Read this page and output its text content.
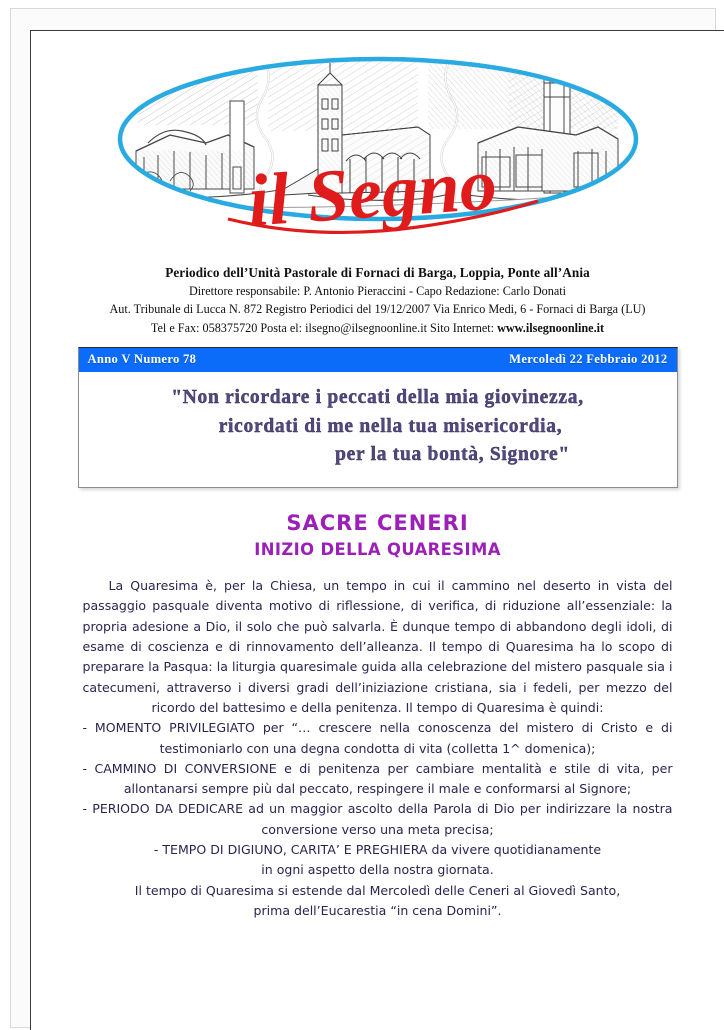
il Segno
Periodico dell’Unità Pastorale di Fornaci di Barga, Loppia, Ponte all’Ania
Direttore responsabile: P. Antonio Pieraccini - Capo Redazione: Carlo Donati
Aut. Tribunale di Lucca N. 872 Registro Periodici del 19/12/2007 Via Enrico Medi, 6 - Fornaci di Barga (LU)
Tel e Fax: 058375720 Posta el: ilsegno@ilsegnoonline.it Sito Internet: www.ilsegnoonline.it
Anno V Numero 78	Mercoledì 22 Febbraio 2012
"Non ricordare i peccati della mia giovinezza,
ricordati di me nella tua misericordia,
per la tua bontà, Signore"
SACRE CENERI
INIZIO DELLA QUARESIMA

La Quaresima è, per la Chiesa, un tempo in cui il cammino nel deserto in vista del passaggio pasquale diventa motivo di riflessione, di verifica, di riduzione all’essenziale: la propria adesione a Dio, il solo che può salvarla. È dunque tempo di abbandono degli idoli, di esame di coscienza e di rinnovamento dell’alleanza. Il tempo di Quaresima ha lo scopo di preparare la Pasqua: la liturgia quaresimale guida alla celebrazione del mistero pasquale sia i catecumeni, attraverso i diversi gradi dell’iniziazione cristiana, sia i fedeli, per mezzo del ricordo del battesimo e della penitenza. Il tempo di Quaresima è quindi:

- MOMENTO PRIVILEGIATO per “… crescere nella conoscenza del mistero di Cristo e di testimoniarlo con una degna condotta di vita (colletta 1^ domenica);

- CAMMINO DI CONVERSIONE e di penitenza per cambiare mentalità e stile di vita, per allontanarsi sempre più dal peccato, respingere il male e conformarsi al Signore;

- PERIODO DA DEDICARE ad un maggior ascolto della Parola di Dio per indirizzare la nostra conversione verso una meta precisa;

- TEMPO DI DIGIUNO, CARITA’ E PREGHIERA da vivere quotidianamente

in ogni aspetto della nostra giornata.

Il tempo di Quaresima si estende dal Mercoledì delle Ceneri al Giovedì Santo,

prima dell’Eucarestia “in cena Domini”.
